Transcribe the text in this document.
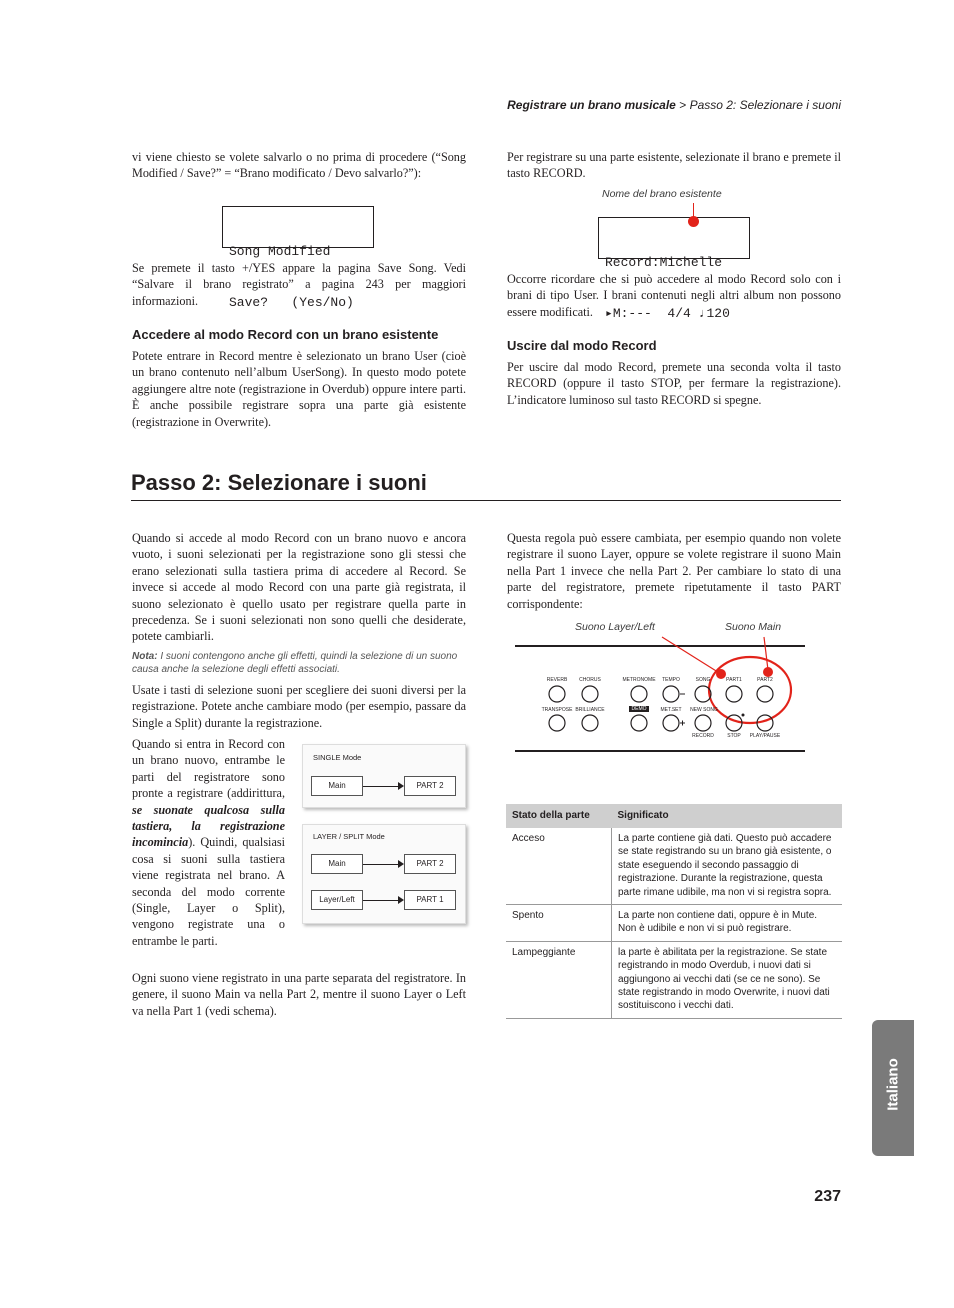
Registrare un brano musicale > Passo 2: Selezionare i suoni

vi viene chiesto se volete salvarlo o no prima di procedere (“Song Modified / Save?” = “Brano modificato / Devo salvarlo?”):

Song Modified

Save?   (Yes/No)

Se premete il tasto +/YES appare la pagina Save Song. Vedi “Salvare il brano registrato” a pagina 243 per maggiori informazioni.

Accedere al modo Record con un brano esistente

Potete entrare in Record mentre è selezionato un brano User (cioè un brano contenuto nell’album UserSong). In questo modo potete aggiungere altre note (registrazione in Overdub) oppure intere parti. È anche possibile registrare sopra una parte già esistente (registrazione in Overwrite).

Per registrare su una parte esistente, selezionate il brano e premete il tasto RECORD.

Nome del brano esistente

Record:Michelle

▸M:---  4/4 ♩120

Occorre ricordare che si può accedere al modo Record solo con i brani di tipo User. I brani contenuti negli altri album non possono essere modificati.

Uscire dal modo Record

Per uscire dal modo Record, premete una seconda volta il tasto RECORD (oppure il tasto STOP, per fermare la registrazione). L’indicatore luminoso sul tasto RECORD si spegne.

Passo 2: Selezionare i suoni

Quando si accede al modo Record con un brano nuovo e ancora vuoto, i suoni selezionati per la registrazione sono gli stessi che erano selezionati sulla tastiera prima di accedere al Record. Se invece si accede al modo Record con una parte già registrata, il suono selezionato è quello usato per registrare quella parte in precedenza. Se i suoni selezionati non sono quelli che desiderate, potete cambiarli.

Nota: I suoni contengono anche gli effetti, quindi la selezione di un suono causa anche la selezione degli effetti associati.

Usate i tasti di selezione suoni per scegliere dei suoni diversi per la registrazione. Potete anche cambiare modo (per esempio, passare da Single a Split) durante la registrazione.

Quando si entra in Record con un brano nuovo, entrambe le parti del registratore sono pronte a registrare (addirittura, se suonate qualcosa sulla tastiera, la registrazione incomincia). Quindi, qualsiasi cosa si suoni sulla tastiera viene registrata nel brano. A seconda del modo corrente (Single, Layer o Split), vengono registrate una o entrambe le parti.

SINGLE Mode
Main	PART 2
LAYER / SPLIT Mode
Main	PART 2
Layer/Left	PART 1

Ogni suono viene registrato in una parte separata del registratore. In genere, il suono Main va nella Part 2, mentre il suono Layer o Left va nella Part 1 (vedi schema).

Questa regola può essere cambiata, per esempio quando non volete registrare il suono Layer, oppure se volete registrare il suono Main nella Part 1 invece che nella Part 2. Per cambiare lo stato di una parte del registratore, premete ripetutamente il tasto PART corrispondente:

Suono Layer/Left	Suono Main
REVERB	CHORUS	METRONOME	TEMPO	SONG	PART1	PART2
TRANSPOSE BRILLIANCE	DEMO	MET.SET NEW SONG
RECORD	STOP	PLAY/PAUSE
Stato della parte	Significato
Acceso	La parte contiene già dati. Questo può accadere se state registrando su un brano già esistente, o state eseguendo il secondo passaggio di registrazione. Durante la registrazione, questa parte rimane udibile, ma non vi si registra sopra.
Spento	La parte non contiene dati, oppure è in Mute. Non è udibile e non vi si può registrare.
Lampeggiante	la parte è abilitata per la registrazione. Se state registrando in modo Overdub, i nuovi dati si aggiungono ai vecchi dati (se ce ne sono). Se state registrando in modo Overwrite, i nuovi dati sostituiscono i vecchi dati.
Italiano
237
